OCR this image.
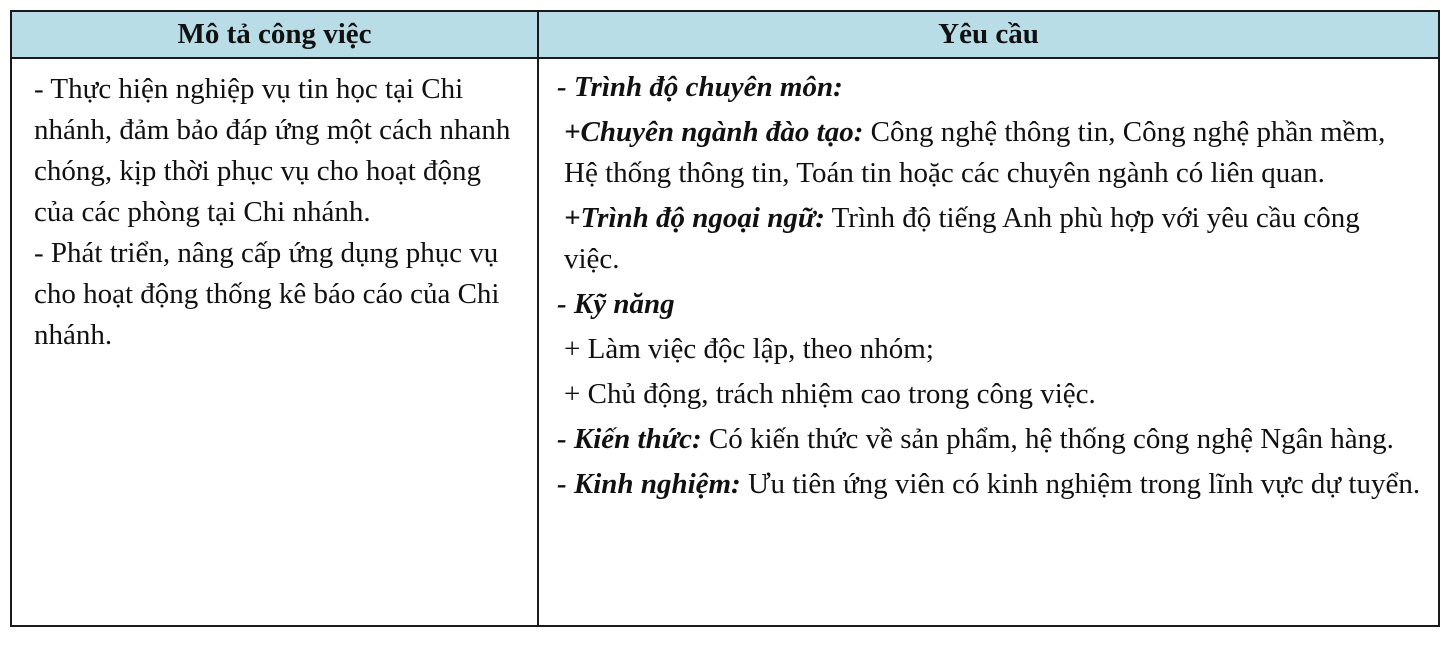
Mô tả công việc	Yêu cầu

- Thực hiện nghiệp vụ tin học tại Chi nhánh, đảm bảo đáp ứng một cách nhanh chóng, kịp thời phục vụ cho hoạt động của các phòng tại Chi nhánh.

- Phát triển, nâng cấp ứng dụng phục vụ cho hoạt động thống kê báo cáo của Chi nhánh.

- Trình độ chuyên môn:

+Chuyên ngành đào tạo: Công nghệ thông tin, Công nghệ phần mềm, Hệ thống thông tin, Toán tin hoặc các chuyên ngành có liên quan.

+Trình độ ngoại ngữ: Trình độ tiếng Anh phù hợp với yêu cầu công việc.

- Kỹ năng

+ Làm việc độc lập, theo nhóm;

+ Chủ động, trách nhiệm cao trong công việc.

- Kiến thức: Có kiến thức về sản phẩm, hệ thống công nghệ Ngân hàng.

- Kinh nghiệm: Ưu tiên ứng viên có kinh nghiệm trong lĩnh vực dự tuyển.
